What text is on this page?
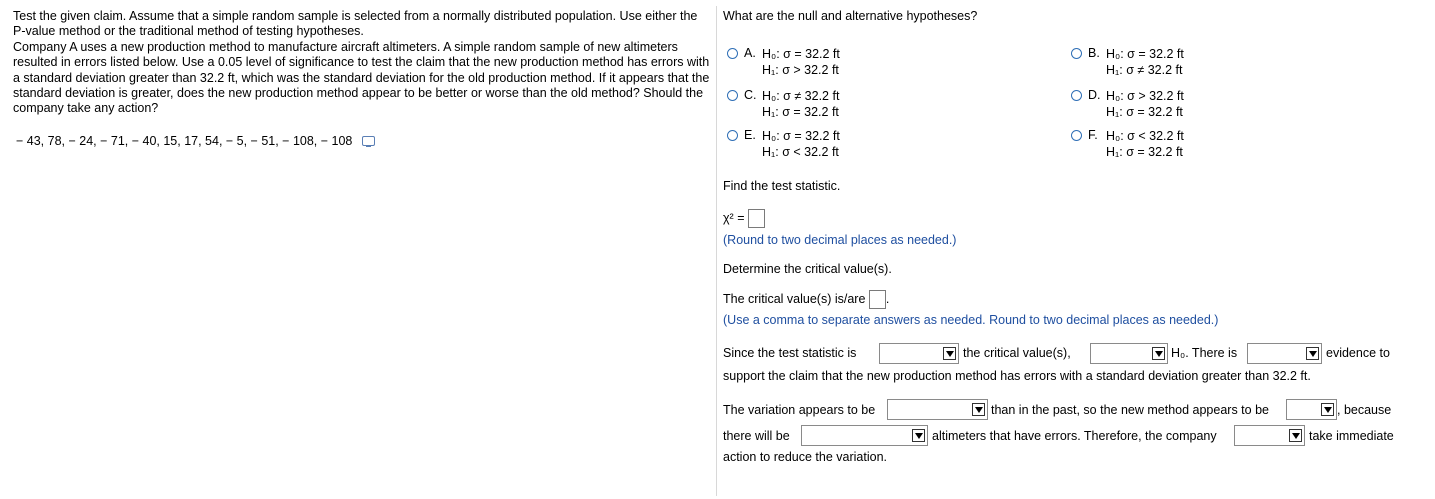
Test the given claim. Assume that a simple random sample is selected from a normally distributed population. Use either the P-value method or the traditional method of testing hypotheses.
Company A uses a new production method to manufacture aircraft altimeters. A simple random sample of new altimeters resulted in errors listed below. Use a 0.05 level of significance to test the claim that the new production method has errors with a standard deviation greater than 32.2 ft, which was the standard deviation for the old production method. If it appears that the standard deviation is greater, does the new production method appear to be better or worse than the old method? Should the company take any action?
− 43, 78, − 24, − 71, − 40, 15, 17, 54, − 5, − 51, − 108, − 108
What are the null and alternative hypotheses?
A. H₀: σ = 32.2 ft
H₁: σ > 32.2 ft
B. H₀: σ = 32.2 ft
H₁: σ ≠ 32.2 ft
C. H₀: σ ≠ 32.2 ft
H₁: σ = 32.2 ft
D. H₀: σ > 32.2 ft
H₁: σ = 32.2 ft
E. H₀: σ = 32.2 ft
H₁: σ < 32.2 ft
F. H₀: σ < 32.2 ft
H₁: σ = 32.2 ft
Find the test statistic.
χ² =
(Round to two decimal places as needed.)
Determine the critical value(s).
The critical value(s) is/are .
(Use a comma to separate answers as needed. Round to two decimal places as needed.)
Since the test statistic is	the critical value(s),	H₀. There is	evidence to
support the claim that the new production method has errors with a standard deviation greater than 32.2 ft.
The variation appears to be	than in the past, so the new method appears to be	, because
there will be	altimeters that have errors. Therefore, the company	take immediate
action to reduce the variation.
